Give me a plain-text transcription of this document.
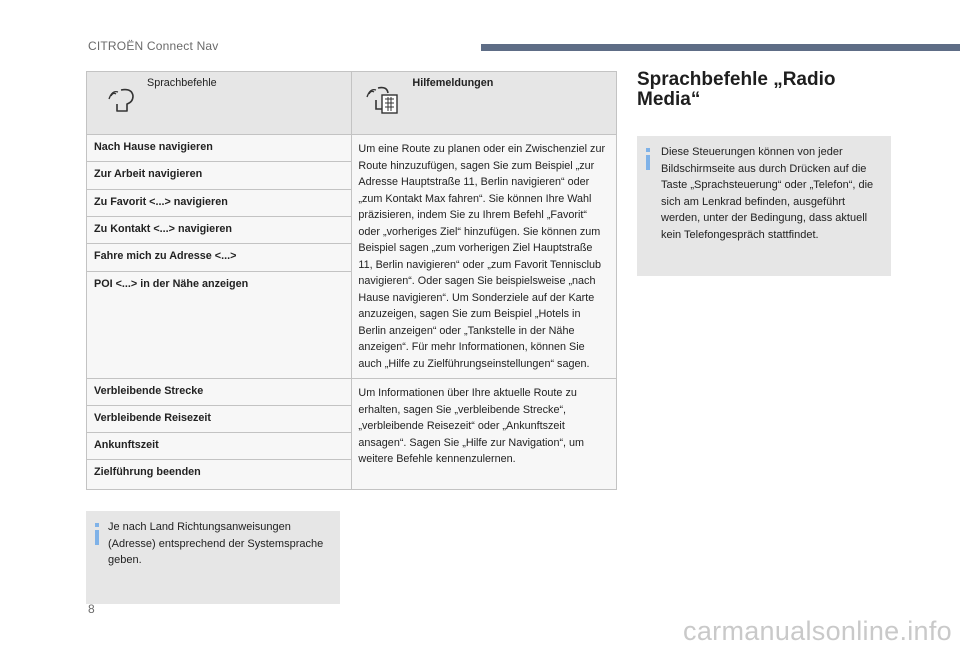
CITROËN Connect Nav
Sprachbefehle	Hilfemeldungen

Nach Hause navigieren	Um eine Route zu planen oder ein Zwischenziel zur Route hinzuzufügen, sagen Sie zum Beispiel „zur Adresse Hauptstraße 11, Berlin navigieren“ oder „zum Kontakt Max fahren“. Sie können Ihre Wahl präzisieren, indem Sie zu Ihrem Befehl „Favorit“ oder „vorheriges Ziel“ hinzufügen. Sie können zum Beispiel sagen „zum vorherigen Ziel Hauptstraße 11, Berlin navigieren“ oder „zum Favorit Tennisclub navigieren“. Oder sagen Sie beispielsweise „nach Hause navigieren“. Um Sonderziele auf der Karte anzuzeigen, sagen Sie zum Beispiel „Hotels in Berlin anzeigen“ oder „Tankstelle in der Nähe anzeigen“. Für mehr Informationen, können Sie auch „Hilfe zu Zielführungseinstellungen“ sagen.
Zur Arbeit navigieren	
Zu Favorit <...> navigieren	
Zu Kontakt <...> navigieren	
Fahre mich zu Adresse <...>	
POI <...> in der Nähe anzeigen	
Verbleibende Strecke	Um Informationen über Ihre aktuelle Route zu erhalten, sagen Sie „verbleibende Strecke“, „verbleibende Reisezeit“ oder „Ankunftszeit ansagen“. Sagen Sie „Hilfe zur Navigation“, um weitere Befehle kennenzulernen.
Verbleibende Reisezeit	
Ankunftszeit	
Zielführung beenden	

Je nach Land Richtungsanweisungen (Adresse) entsprechend der Systemsprache geben.

Sprachbefehle „Radio Media“

Diese Steuerungen können von jeder Bildschirmseite aus durch Drücken auf die Taste „Sprachsteuerung“ oder „Telefon“, die sich am Lenkrad befinden, ausgeführt werden, unter der Bedingung, dass aktuell kein Telefongespräch stattfindet.

8
carmanualsonline.info
